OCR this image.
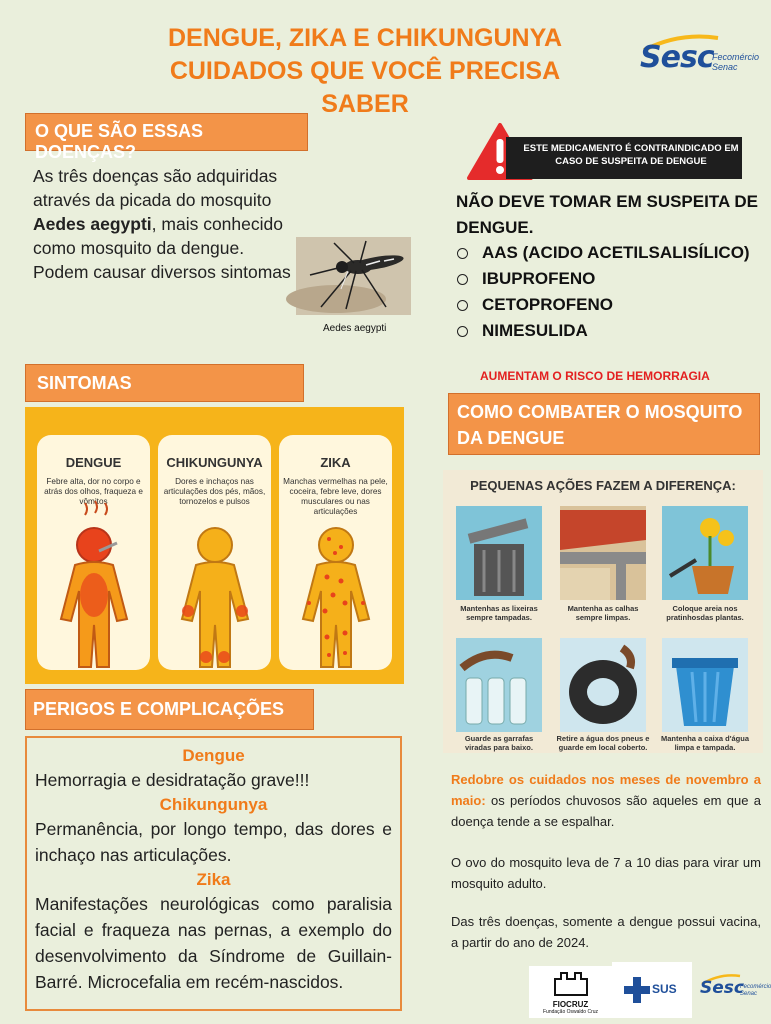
DENGUE, ZIKA E CHIKUNGUNYA
CUIDADOS QUE VOCÊ PRECISA SABER
Sesc
Fecomércio
Senac
O QUE SÃO ESSAS DOENÇAS?
As três doenças são adquiridas
através da picada do mosquito
Aedes aegypti, mais conhecido
como mosquito da dengue.
Podem causar diversos sintomas
Aedes aegypti
ESTE MEDICAMENTO É CONTRAINDICADO EM
CASO DE SUSPEITA DE DENGUE
NÃO DEVE TOMAR EM SUSPEITA DE
DENGUE.
AAS (ACIDO ACETILSALISÍLICO)
IBUPROFENO
CETOPROFENO
NIMESULIDA
AUMENTAM O RISCO DE HEMORRAGIA
SINTOMAS
DENGUE
Febre alta, dor no corpo e atrás dos olhos, fraqueza e vômitos
CHIKUNGUNYA
Dores e inchaços nas articulações dos pés, mãos, tornozelos e pulsos
ZIKA
Manchas vermelhas na pele, coceira, febre leve, dores musculares ou nas articulações
COMO COMBATER O MOSQUITO
DA DENGUE
PEQUENAS AÇÕES FAZEM A DIFERENÇA:
Mantenhas as lixeiras sempre tampadas.
Mantenha as calhas sempre limpas.
Coloque areia nos pratinhosdas plantas.
Guarde as garrafas viradas para baixo.
Retire a água dos pneus e guarde em local coberto.
Mantenha a caixa d'água limpa e tampada.
PERIGOS E COMPLICAÇÕES
Dengue
Hemorragia e desidratação grave!!!
Chikungunya
Permanência, por longo tempo, das dores e inchaço nas articulações.
Zika
Manifestações neurológicas como paralisia facial e fraqueza nas pernas, a exemplo do desenvolvimento da Síndrome de Guillain-Barré. Microcefalia em recém-nascidos.
Redobre os cuidados nos meses de novembro a maio: os períodos chuvosos são aqueles em que a doença tende a se espalhar.
O ovo do mosquito leva de 7 a 10 dias para virar um mosquito adulto.
Das três doenças, somente a dengue possui vacina, a partir do ano de 2024.
FIOCRUZ
Fundação Oswaldo Cruz
SUS Sesc
Fecomércio
Senac
